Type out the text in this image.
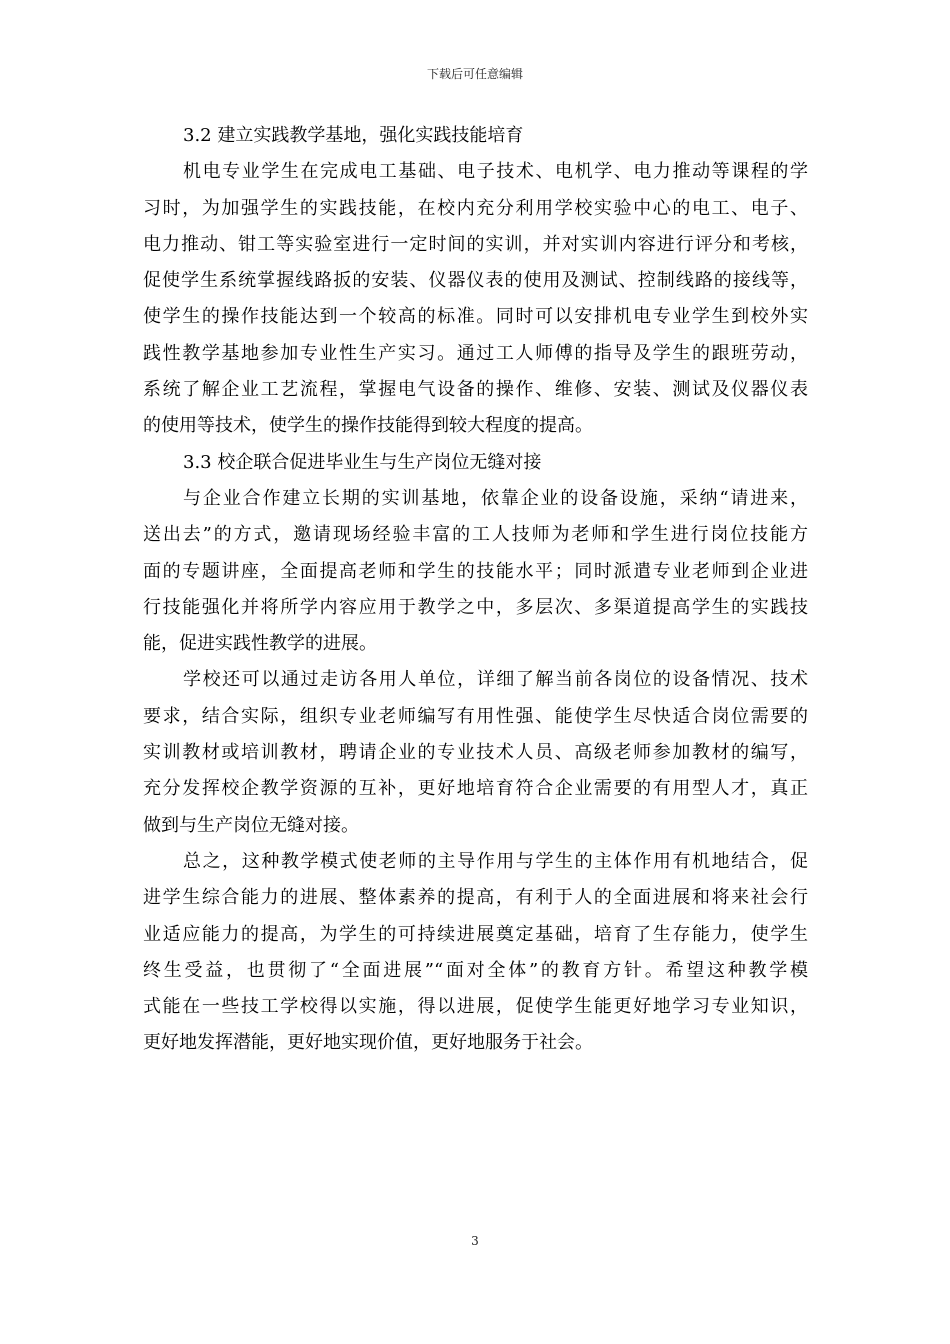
下载后可任意编辑
3.2 建立实践教学基地，强化实践技能培育
机电专业学生在完成电工基础、电子技术、电机学、电力推动等课程的学
习时，为加强学生的实践技能，在校内充分利用学校实验中心的电工、电子、
电力推动、钳工等实验室进行一定时间的实训，并对实训内容进行评分和考核，
促使学生系统掌握线路扳的安装、仪器仪表的使用及测试、控制线路的接线等，
使学生的操作技能达到一个较高的标准。同时可以安排机电专业学生到校外实
践性教学基地参加专业性生产实习。通过工人师傅的指导及学生的跟班劳动，
系统了解企业工艺流程，掌握电气设备的操作、维修、安装、测试及仪器仪表
的使用等技术，使学生的操作技能得到较大程度的提高。
3.3 校企联合促进毕业生与生产岗位无缝对接
与企业合作建立长期的实训基地，依靠企业的设备设施，采纳“请进来，
送出去”的方式，邀请现场经验丰富的工人技师为老师和学生进行岗位技能方
面的专题讲座，全面提高老师和学生的技能水平；同时派遣专业老师到企业进
行技能强化并将所学内容应用于教学之中，多层次、多渠道提高学生的实践技
能，促进实践性教学的进展。
学校还可以通过走访各用人单位，详细了解当前各岗位的设备情况、技术
要求，结合实际，组织专业老师编写有用性强、能使学生尽快适合岗位需要的
实训教材或培训教材，聘请企业的专业技术人员、高级老师参加教材的编写，
充分发挥校企教学资源的互补，更好地培育符合企业需要的有用型人才，真正
做到与生产岗位无缝对接。
总之，这种教学模式使老师的主导作用与学生的主体作用有机地结合，促
进学生综合能力的进展、整体素养的提高，有利于人的全面进展和将来社会行
业适应能力的提高，为学生的可持续进展奠定基础，培育了生存能力，使学生
终生受益，也贯彻了“全面进展”“面对全体”的教育方针。希望这种教学模
式能在一些技工学校得以实施，得以进展，促使学生能更好地学习专业知识，
更好地发挥潜能，更好地实现价值，更好地服务于社会。
3
